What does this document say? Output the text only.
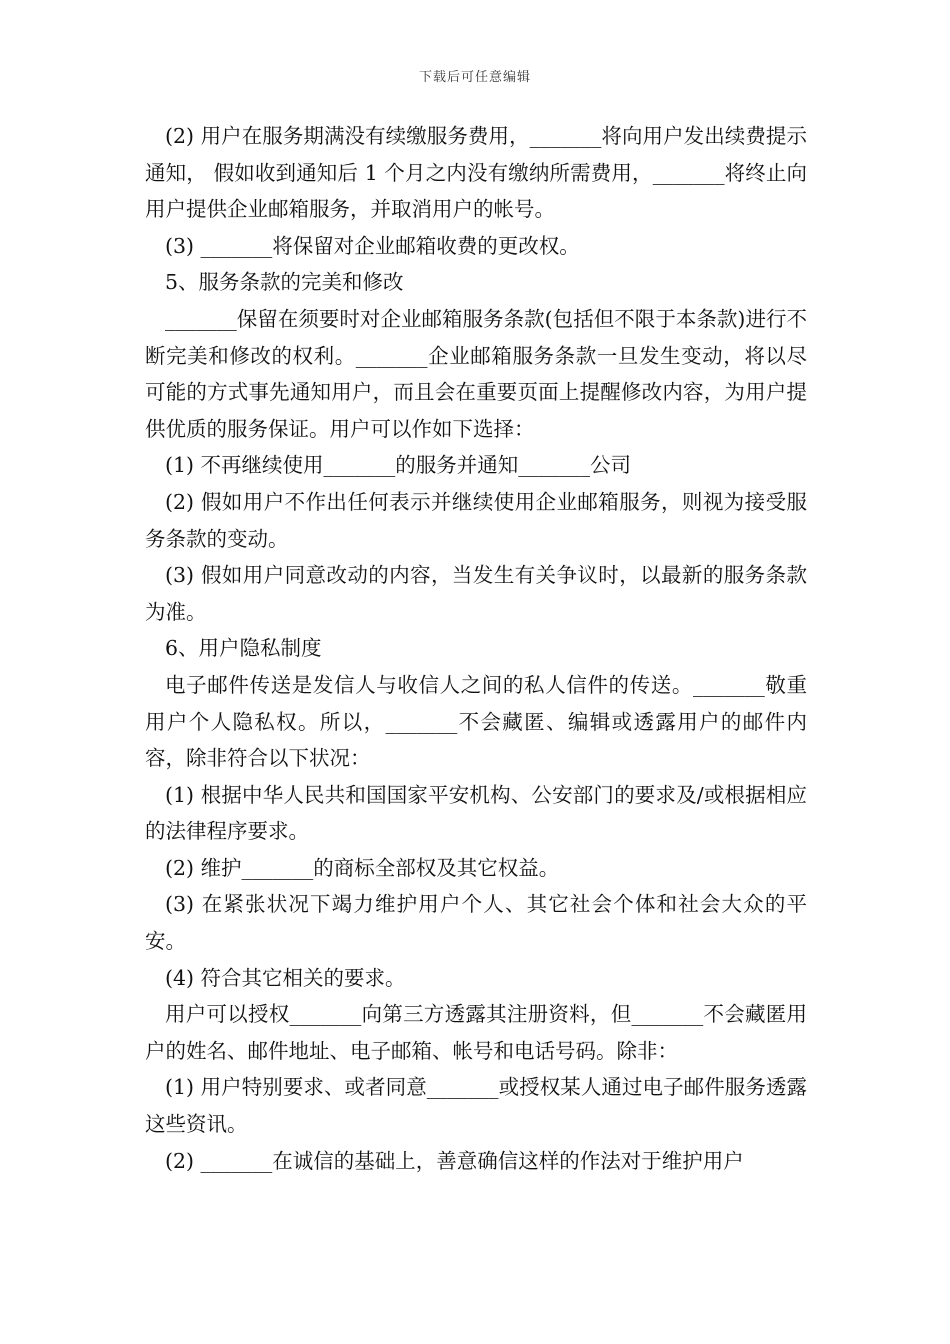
下载后可任意编辑

(2) 用户在服务期满没有续缴服务费用，_______将向用户发出续费提示通知， 假如收到通知后 1 个月之内没有缴纳所需费用，_______将终止向用户提供企业邮箱服务，并取消用户的帐号。

(3) _______将保留对企业邮箱收费的更改权。

5、服务条款的完美和修改

_______保留在须要时对企业邮箱服务条款(包括但不限于本条款)进行不断完美和修改的权利。_______企业邮箱服务条款一旦发生变动，将以尽可能的方式事先通知用户，而且会在重要页面上提醒修改内容，为用户提供优质的服务保证。用户可以作如下选择：

(1) 不再继续使用_______的服务并通知_______公司

(2) 假如用户不作出任何表示并继续使用企业邮箱服务，则视为接受服务条款的变动。

(3) 假如用户同意改动的内容，当发生有关争议时，以最新的服务条款为准。

6、用户隐私制度

电子邮件传送是发信人与收信人之间的私人信件的传送。_______敬重用户个人隐私权。所以，_______不会藏匿、编辑或透露用户的邮件内容，除非符合以下状况：

(1) 根据中华人民共和国国家平安机构、公安部门的要求及/或根据相应的法律程序要求。

(2) 维护_______的商标全部权及其它权益。

(3) 在紧张状况下竭力维护用户个人、其它社会个体和社会大众的平安。

(4) 符合其它相关的要求。

用户可以授权_______向第三方透露其注册资料，但_______不会藏匿用户的姓名、邮件地址、电子邮箱、帐号和电话号码。除非：

(1) 用户特别要求、或者同意_______或授权某人通过电子邮件服务透露这些资讯。

(2) _______在诚信的基础上，善意确信这样的作法对于维护用户
